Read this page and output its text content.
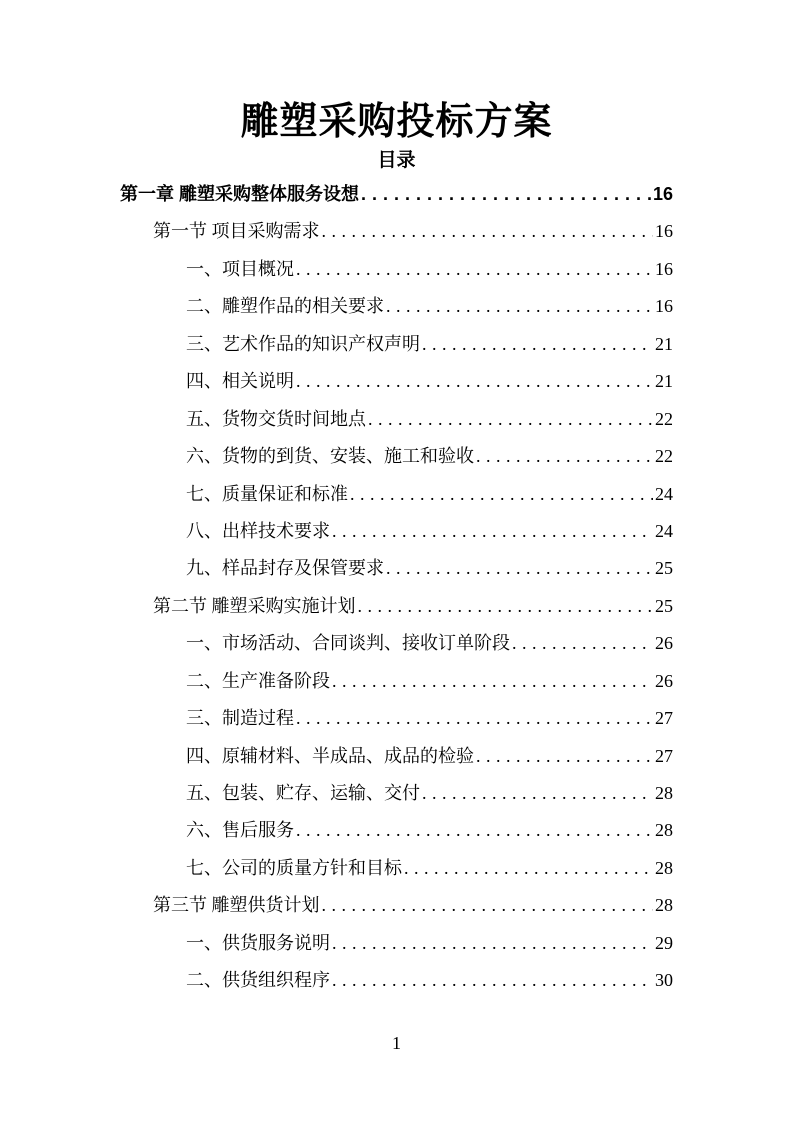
雕塑采购投标方案
目录
第一章 雕塑采购整体服务设想 . . .	16
第一节 项目采购需求 . . .	16
一、项目概况 . . .	16
二、雕塑作品的相关要求 . . .	16
三、艺术作品的知识产权声明 . . .	21
四、相关说明 . . .	21
五、货物交货时间地点 . . .	22
六、货物的到货、安装、施工和验收 . . .	22
七、质量保证和标准 . . .	24
八、出样技术要求 . . .	24
九、样品封存及保管要求 . . .	25
第二节 雕塑采购实施计划 . . .	25
一、市场活动、合同谈判、接收订单阶段 . . .	26
二、生产准备阶段 . . .	26
三、制造过程 . . .	27
四、原辅材料、半成品、成品的检验 . . .	27
五、包装、贮存、运输、交付 . . .	28
六、售后服务 . . .	28
七、公司的质量方针和目标 . . .	28
第三节 雕塑供货计划 . . .	28
一、供货服务说明 . . .	29
二、供货组织程序 . . .	30
1
